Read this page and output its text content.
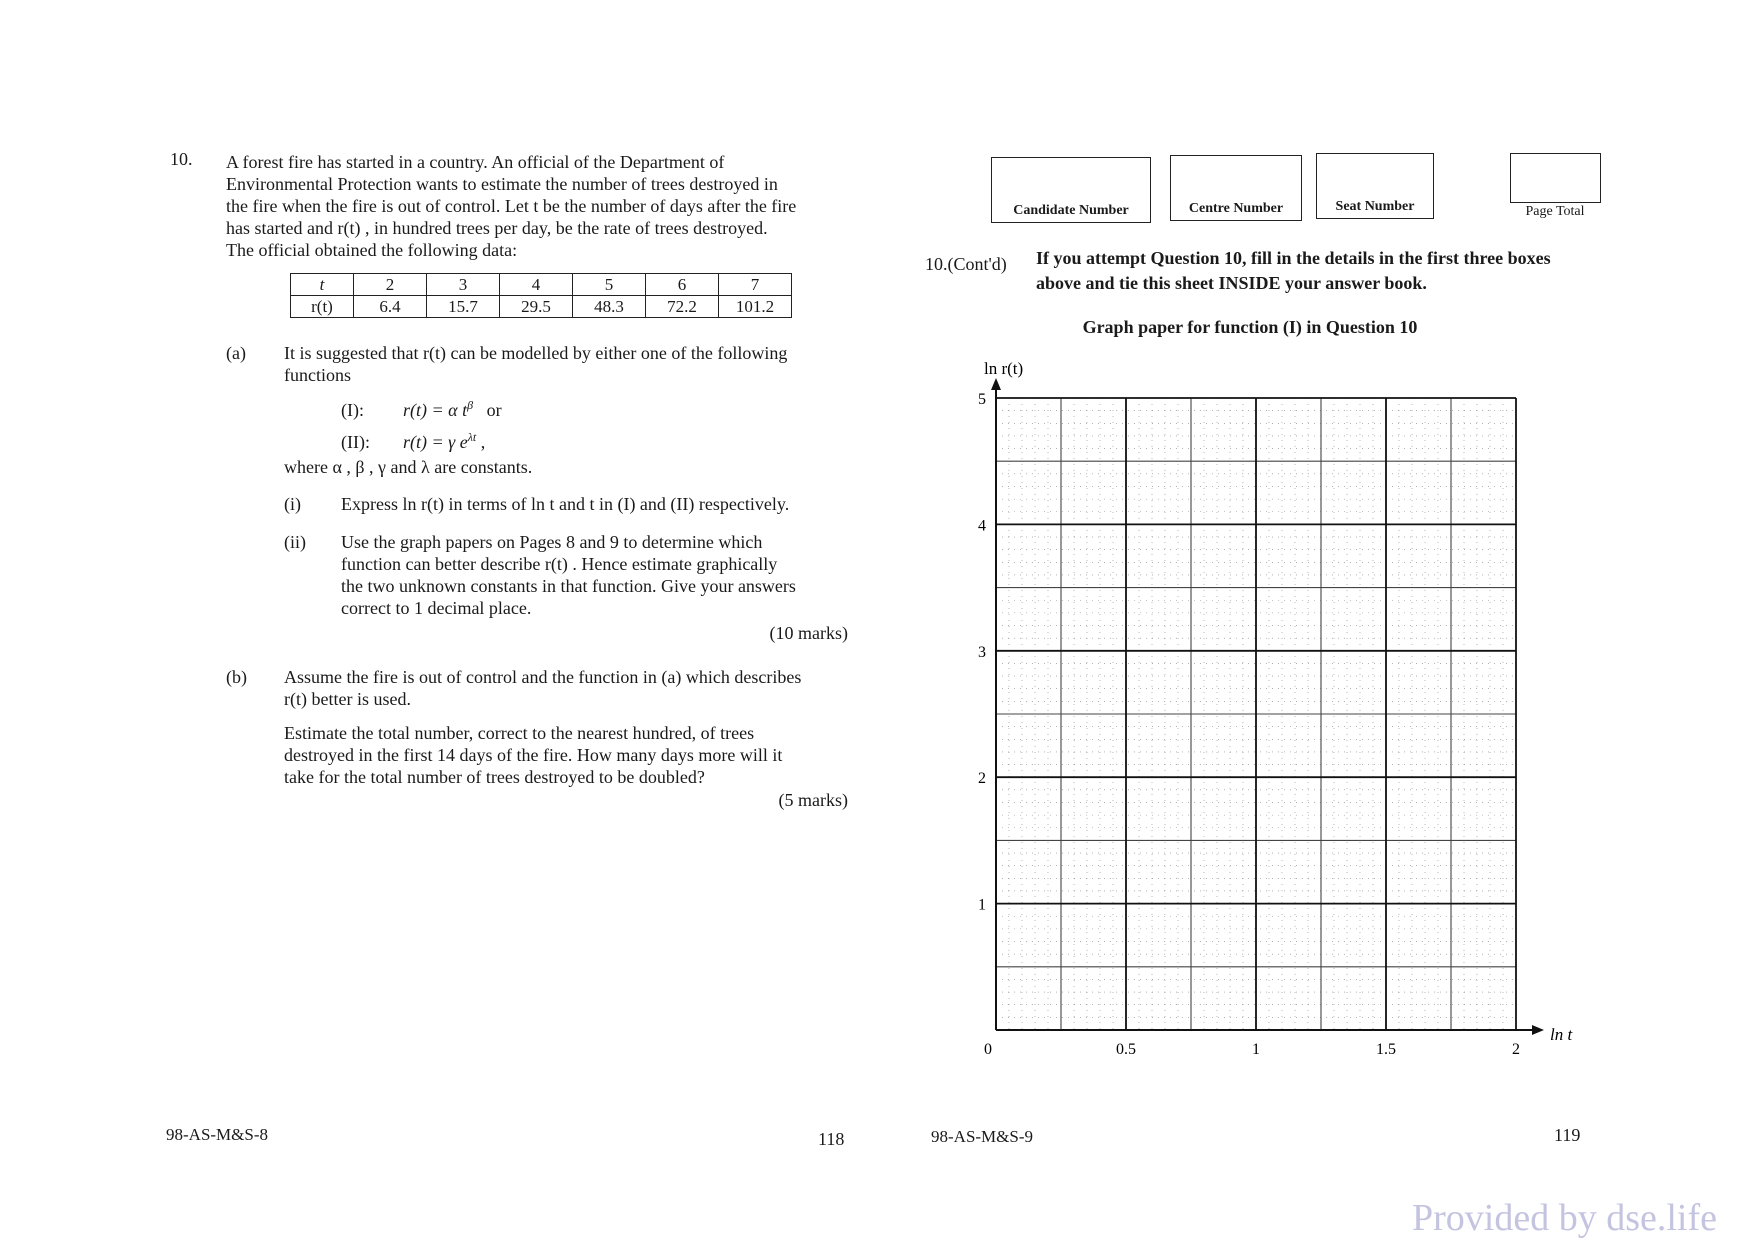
10. A forest fire has started in a country. An official of the Department of
Environmental Protection wants to estimate the number of trees destroyed in
the fire when the fire is out of control. Let t be the number of days after the fire
has started and r(t) , in hundred trees per day, be the rate of trees destroyed.
The official obtained the following data:
t	2	3	4	5	6	7
r(t)	6.4	15.7	29.5	48.3	72.2	101.2
(a) It is suggested that r(t) can be modelled by either one of the following
functions
(I): r(t) = α $t^\beta$ or
(II): r(t) = γ $e^{\lambda t}$ ,
where α , β , γ and λ are constants.
(i) Express ln r(t) in terms of ln t and t in (I) and (II) respectively.
(ii) Use the graph papers on Pages 8 and 9 to determine which
function can better describe r(t) . Hence estimate graphically
the two unknown constants in that function. Give your answers
correct to 1 decimal place.
(10 marks)
(b) Assume the fire is out of control and the function in (a) which describes
r(t) better is used.
Estimate the total number, correct to the nearest hundred, of trees
destroyed in the first 14 days of the fire. How many days more will it
take for the total number of trees destroyed to be doubled?
(5 marks)
98-AS-M&S-8	118
Candidate Number	Centre Number	Seat Number	Page Total
10.(Cont'd) If you attempt Question 10, fill in the details in the first three boxes
above and tie this sheet INSIDE your answer book.
Graph paper for function (I) in Question 10
0.5	1	1.5	2
1
2
3
4
5
0
ln t
ln r(t)
98-AS-M&S-9	119
Provided by dse.life
